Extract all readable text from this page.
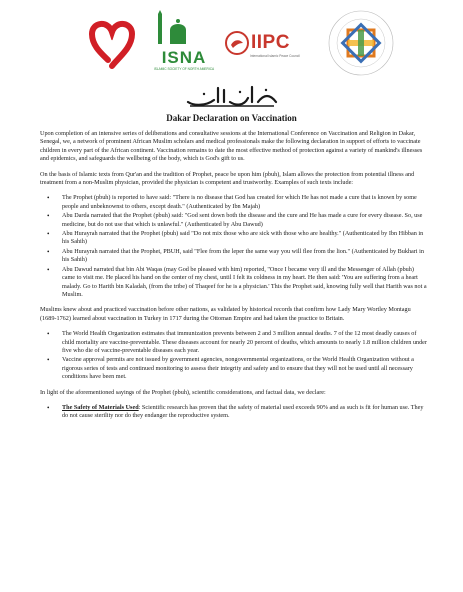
ISNA
ISLAMIC SOCIETY OF NORTH AMERICA
IIPC
International Islamic Peace Council
Dakar Declaration on Vaccination

Upon completion of an intensive series of deliberations and consultative sessions at the International Conference on Vaccination and Religion in Dakar, Senegal, we, a network of prominent African Muslim scholars and medical professionals make the following declaration in support of efforts to vaccinate children in every part of the African continent. Vaccination remains to date the most effective method of protection against a variety of mankind's illnesses and epidemics, and safeguards the wellbeing of the body, which is God's gift to us.

On the basis of Islamic texts from Qur'an and the tradition of Prophet, peace be upon him (pbuh), Islam allows the protection from potential illness and treatment from a non-Muslim physician, provided the physician is competent and trustworthy. Examples of such texts include:

• The Prophet (pbuh) is reported to have said: "There is no disease that God has created for which He has not made a cure that is known by some people and unbeknownst to others, except death." (Authenticated by Ibn Majah)
• Abu Darda narrated that the Prophet (pbuh) said: "God sent down both the disease and the cure and He has made a cure for every disease. So, use medicine, but do not use that which is unlawful." (Authenticated by Abu Dawud)
• Abu Hurayrah narrated that the Prophet (pbuh) said "Do not mix those who are sick with those who are healthy." (Authenticated by Ibn Hibban in his Sahih)
• Abu Hurayrah narrated that the Prophet, PBUH, said "Flee from the leper the same way you will flee from the lion." (Authenticated by Bukhari in his Sahih)
• Abu Dawud narrated that bin Abi Waqas (may God be pleased with him) reported, "Once I became very ill and the Messenger of Allah (pbuh) came to visit me. He placed his hand on the center of my chest, until I felt its coldness in my heart. He then said: 'You are suffering from a heart malady. Go to Harith bin Kaladah, (from the tribe) of Thaqeef for he is a physician.' This the Prophet said, knowing fully well that Harith was not a Muslim.

Muslims knew about and practiced vaccination before other nations, as validated by historical records that confirm how Lady Mary Wortley Montagu (1689-1762) learned about vaccination in Turkey in 1717 during the Ottoman Empire and had taken the practice to Britain.

• The World Health Organization estimates that immunization prevents between 2 and 3 million annual deaths. 7 of the 12 most deadly causes of child mortality are vaccine-preventable. These diseases account for nearly 20 percent of deaths, which amounts to nearly 1.8 million children under five who die of vaccine-preventable diseases each year.
• Vaccine approval permits are not issued by government agencies, nongovernmental organizations, or the World Health Organization without a rigorous series of tests and continued monitoring to assess their integrity and safety and to ensure that they will not be used until all necessary conditions have been met.

In light of the aforementioned sayings of the Prophet (pbuh), scientific considerations, and factual data, we declare:

• The Safety of Materials Used: Scientific research has proven that the safety of material used exceeds 90% and as such is fit for human use. They do not cause sterility nor do they endanger the reproductive system.
